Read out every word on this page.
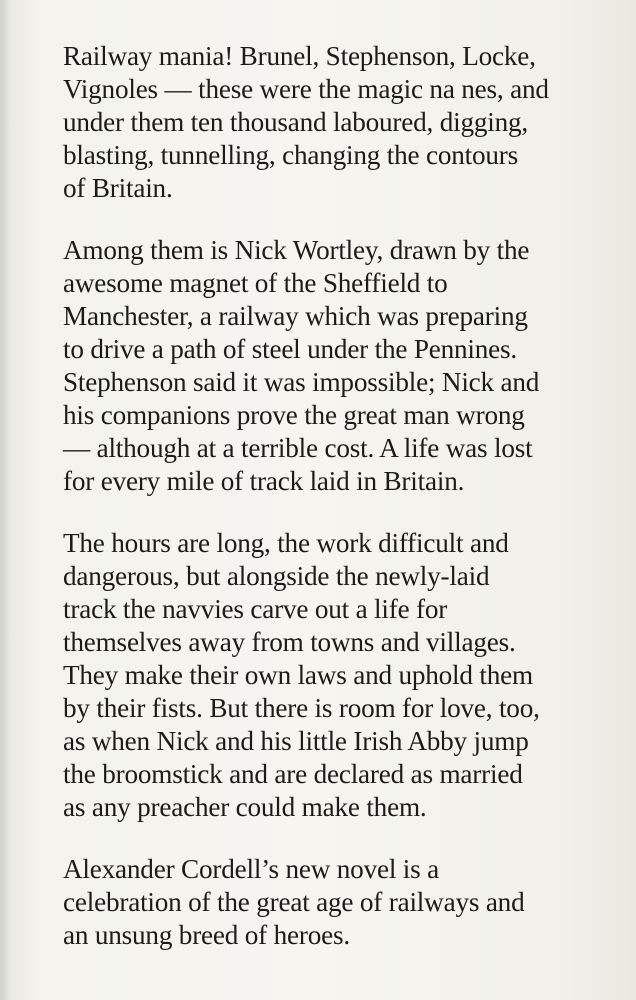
Railway mania! Brunel, Stephenson, Locke,
Vignoles — these were the magic na nes, and
under them ten thousand laboured, digging,
blasting, tunnelling, changing the contours
of Britain.
Among them is Nick Wortley, drawn by the
awesome magnet of the Sheffield to
Manchester, a railway which was preparing
to drive a path of steel under the Pennines.
Stephenson said it was impossible; Nick and
his companions prove the great man wrong
— although at a terrible cost. A life was lost
for every mile of track laid in Britain.
The hours are long, the work difficult and
dangerous, but alongside the newly-laid
track the navvies carve out a life for
themselves away from towns and villages.
They make their own laws and uphold them
by their fists. But there is room for love, too,
as when Nick and his little Irish Abby jump
the broomstick and are declared as married
as any preacher could make them.
Alexander Cordell’s new novel is a
celebration of the great age of railways and
an unsung breed of heroes.
